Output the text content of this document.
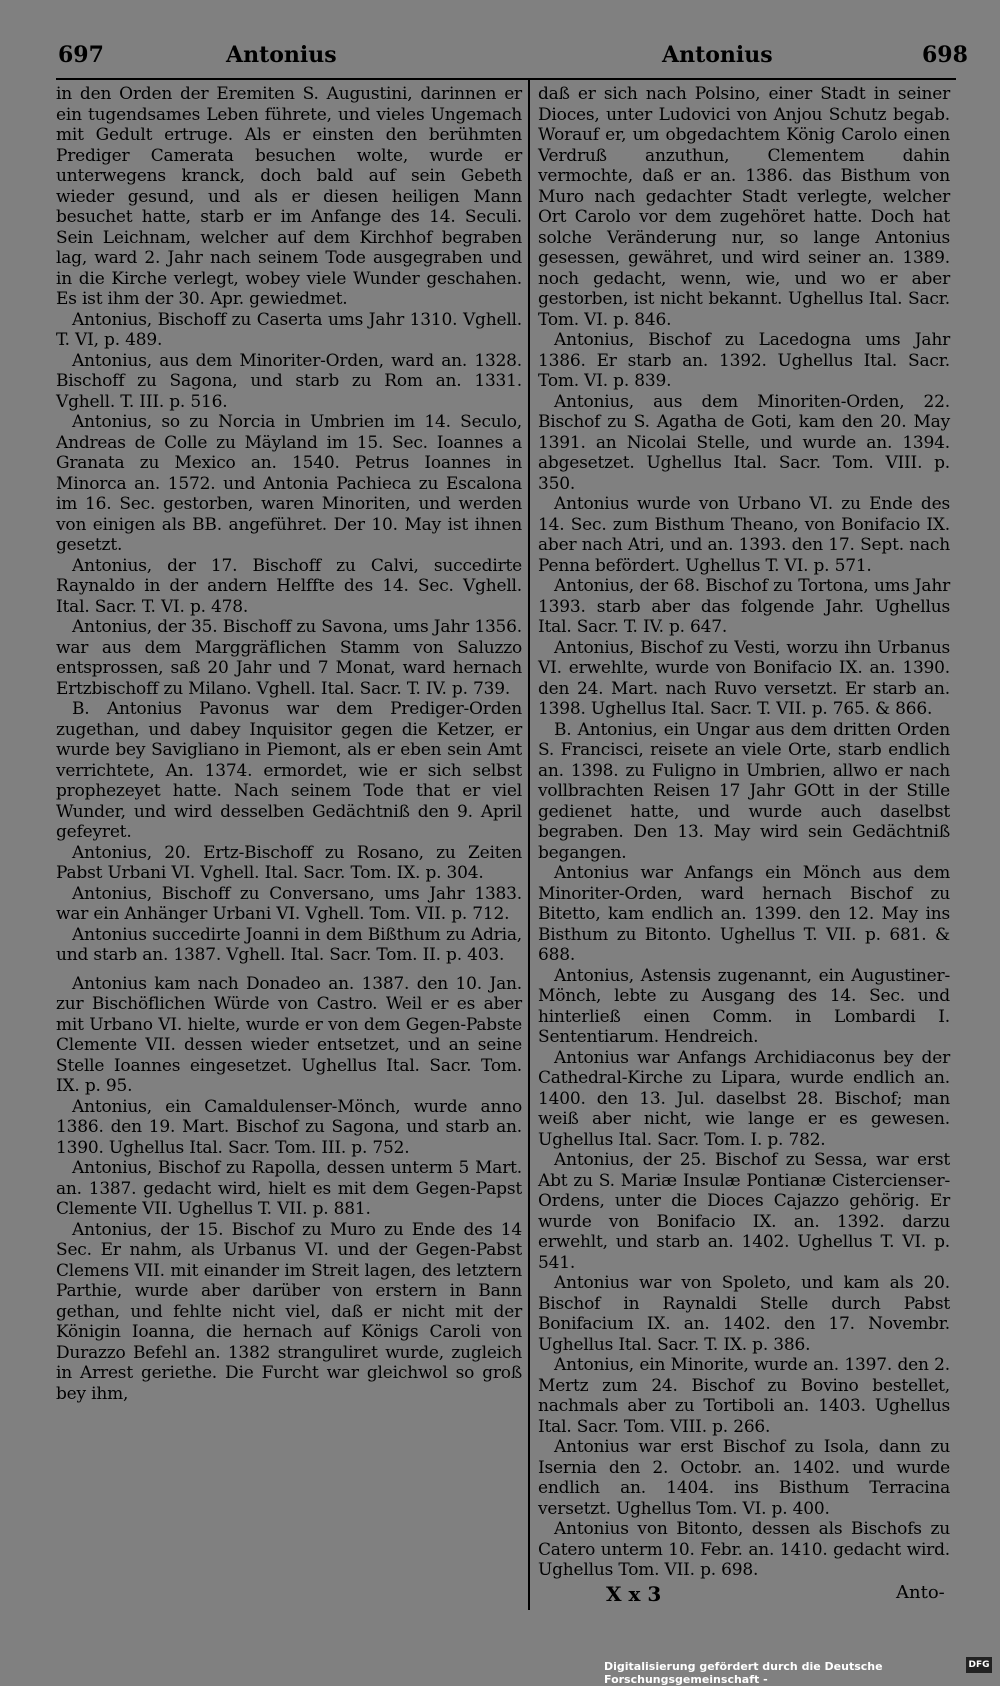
697	Antonius	Antonius	698

in den Orden der Eremiten S. Augustini, darinnen er ein tugendsames Leben führete, und vieles Ungemach mit Gedult ertruge. Als er einsten den berühmten Prediger Camerata besuchen wolte, wurde er unterwegens kranck, doch bald auf sein Gebeth wieder gesund, und als er diesen heiligen Mann besuchet hatte, starb er im Anfange des 14. Seculi. Sein Leichnam, welcher auf dem Kirchhof begraben lag, ward 2. Jahr nach seinem Tode ausgegraben und in die Kirche verlegt, wobey viele Wunder geschahen. Es ist ihm der 30. Apr. gewiedmet.

Antonius, Bischoff zu Caserta ums Jahr 1310. Vghell. T. VI, p. 489.

Antonius, aus dem Minoriter-Orden, ward an. 1328. Bischoff zu Sagona, und starb zu Rom an. 1331. Vghell. T. III. p. 516.

Antonius, so zu Norcia in Umbrien im 14. Seculo, Andreas de Colle zu Mäyland im 15. Sec. Ioannes a Granata zu Mexico an. 1540. Petrus Ioannes in Minorca an. 1572. und Antonia Pachieca zu Escalona im 16. Sec. gestorben, waren Minoriten, und werden von einigen als BB. angeführet. Der 10. May ist ihnen gesetzt.

Antonius, der 17. Bischoff zu Calvi, succedirte Raynaldo in der andern Helffte des 14. Sec. Vghell. Ital. Sacr. T. VI. p. 478.

Antonius, der 35. Bischoff zu Savona, ums Jahr 1356. war aus dem Marggräflichen Stamm von Saluzzo entsprossen, saß 20 Jahr und 7 Monat, ward hernach Ertzbischoff zu Milano. Vghell. Ital. Sacr. T. IV. p. 739.

B. Antonius Pavonus war dem Prediger-Orden zugethan, und dabey Inquisitor gegen die Ketzer, er wurde bey Savigliano in Piemont, als er eben sein Amt verrichtete, An. 1374. ermordet, wie er sich selbst prophezeyet hatte. Nach seinem Tode that er viel Wunder, und wird desselben Gedächtniß den 9. April gefeyret.

Antonius, 20. Ertz-Bischoff zu Rosano, zu Zeiten Pabst Urbani VI. Vghell. Ital. Sacr. Tom. IX. p. 304.

Antonius, Bischoff zu Conversano, ums Jahr 1383. war ein Anhänger Urbani VI. Vghell. Tom. VII. p. 712.

Antonius succedirte Joanni in dem Bißthum zu Adria, und starb an. 1387. Vghell. Ital. Sacr. Tom. II. p. 403.

Antonius kam nach Donadeo an. 1387. den 10. Jan. zur Bischöflichen Würde von Castro. Weil er es aber mit Urbano VI. hielte, wurde er von dem Gegen-Pabste Clemente VII. dessen wieder entsetzet, und an seine Stelle Ioannes eingesetzet. Ughellus Ital. Sacr. Tom. IX. p. 95.

Antonius, ein Camaldulenser-Mönch, wurde anno 1386. den 19. Mart. Bischof zu Sagona, und starb an. 1390. Ughellus Ital. Sacr. Tom. III. p. 752.

Antonius, Bischof zu Rapolla, dessen unterm 5 Mart. an. 1387. gedacht wird, hielt es mit dem Gegen-Papst Clemente VII. Ughellus T. VII. p. 881.

Antonius, der 15. Bischof zu Muro zu Ende des 14 Sec. Er nahm, als Urbanus VI. und der Gegen-Pabst Clemens VII. mit einander im Streit lagen, des letztern Parthie, wurde aber darüber von erstern in Bann gethan, und fehlte nicht viel, daß er nicht mit der Königin Ioanna, die hernach auf Königs Caroli von Durazzo Befehl an. 1382 stranguliret wurde, zugleich in Arrest geriethe. Die Furcht war gleichwol so groß bey ihm,

daß er sich nach Polsino, einer Stadt in seiner Dioces, unter Ludovici von Anjou Schutz begab. Worauf er, um obgedachtem König Carolo einen Verdruß anzuthun, Clementem dahin vermochte, daß er an. 1386. das Bisthum von Muro nach gedachter Stadt verlegte, welcher Ort Carolo vor dem zugehöret hatte. Doch hat solche Veränderung nur, so lange Antonius gesessen, gewähret, und wird seiner an. 1389. noch gedacht, wenn, wie, und wo er aber gestorben, ist nicht bekannt. Ughellus Ital. Sacr. Tom. VI. p. 846.

Antonius, Bischof zu Lacedogna ums Jahr 1386. Er starb an. 1392. Ughellus Ital. Sacr. Tom. VI. p. 839.

Antonius, aus dem Minoriten-Orden, 22. Bischof zu S. Agatha de Goti, kam den 20. May 1391. an Nicolai Stelle, und wurde an. 1394. abgesetzet. Ughellus Ital. Sacr. Tom. VIII. p. 350.

Antonius wurde von Urbano VI. zu Ende des 14. Sec. zum Bisthum Theano, von Bonifacio IX. aber nach Atri, und an. 1393. den 17. Sept. nach Penna befördert. Ughellus T. VI. p. 571.

Antonius, der 68. Bischof zu Tortona, ums Jahr 1393. starb aber das folgende Jahr. Ughellus Ital. Sacr. T. IV. p. 647.

Antonius, Bischof zu Vesti, worzu ihn Urbanus VI. erwehlte, wurde von Bonifacio IX. an. 1390. den 24. Mart. nach Ruvo versetzt. Er starb an. 1398. Ughellus Ital. Sacr. T. VII. p. 765. & 866.

B. Antonius, ein Ungar aus dem dritten Orden S. Francisci, reisete an viele Orte, starb endlich an. 1398. zu Fuligno in Umbrien, allwo er nach vollbrachten Reisen 17 Jahr GOtt in der Stille gedienet hatte, und wurde auch daselbst begraben. Den 13. May wird sein Gedächtniß begangen.

Antonius war Anfangs ein Mönch aus dem Minoriter-Orden, ward hernach Bischof zu Bitetto, kam endlich an. 1399. den 12. May ins Bisthum zu Bitonto. Ughellus T. VII. p. 681. & 688.

Antonius, Astensis zugenannt, ein Augustiner-Mönch, lebte zu Ausgang des 14. Sec. und hinterließ einen Comm. in Lombardi I. Sententiarum. Hendreich.

Antonius war Anfangs Archidiaconus bey der Cathedral-Kirche zu Lipara, wurde endlich an. 1400. den 13. Jul. daselbst 28. Bischof; man weiß aber nicht, wie lange er es gewesen. Ughellus Ital. Sacr. Tom. I. p. 782.

Antonius, der 25. Bischof zu Sessa, war erst Abt zu S. Mariæ Insulæ Pontianæ Cistercienser-Ordens, unter die Dioces Cajazzo gehörig. Er wurde von Bonifacio IX. an. 1392. darzu erwehlt, und starb an. 1402. Ughellus T. VI. p. 541.

Antonius war von Spoleto, und kam als 20. Bischof in Raynaldi Stelle durch Pabst Bonifacium IX. an. 1402. den 17. Novembr. Ughellus Ital. Sacr. T. IX. p. 386.

Antonius, ein Minorite, wurde an. 1397. den 2. Mertz zum 24. Bischof zu Bovino bestellet, nachmals aber zu Tortiboli an. 1403. Ughellus Ital. Sacr. Tom. VIII. p. 266.

Antonius war erst Bischof zu Isola, dann zu Isernia den 2. Octobr. an. 1402. und wurde endlich an. 1404. ins Bisthum Terracina versetzt. Ughellus Tom. VI. p. 400.

Antonius von Bitonto, dessen als Bischofs zu Catero unterm 10. Febr. an. 1410. gedacht wird. Ughellus Tom. VII. p. 698.

X x 3	Anto-
Digitalisierung gefördert durch die Deutsche Forschungsgemeinschaft -
DFG
